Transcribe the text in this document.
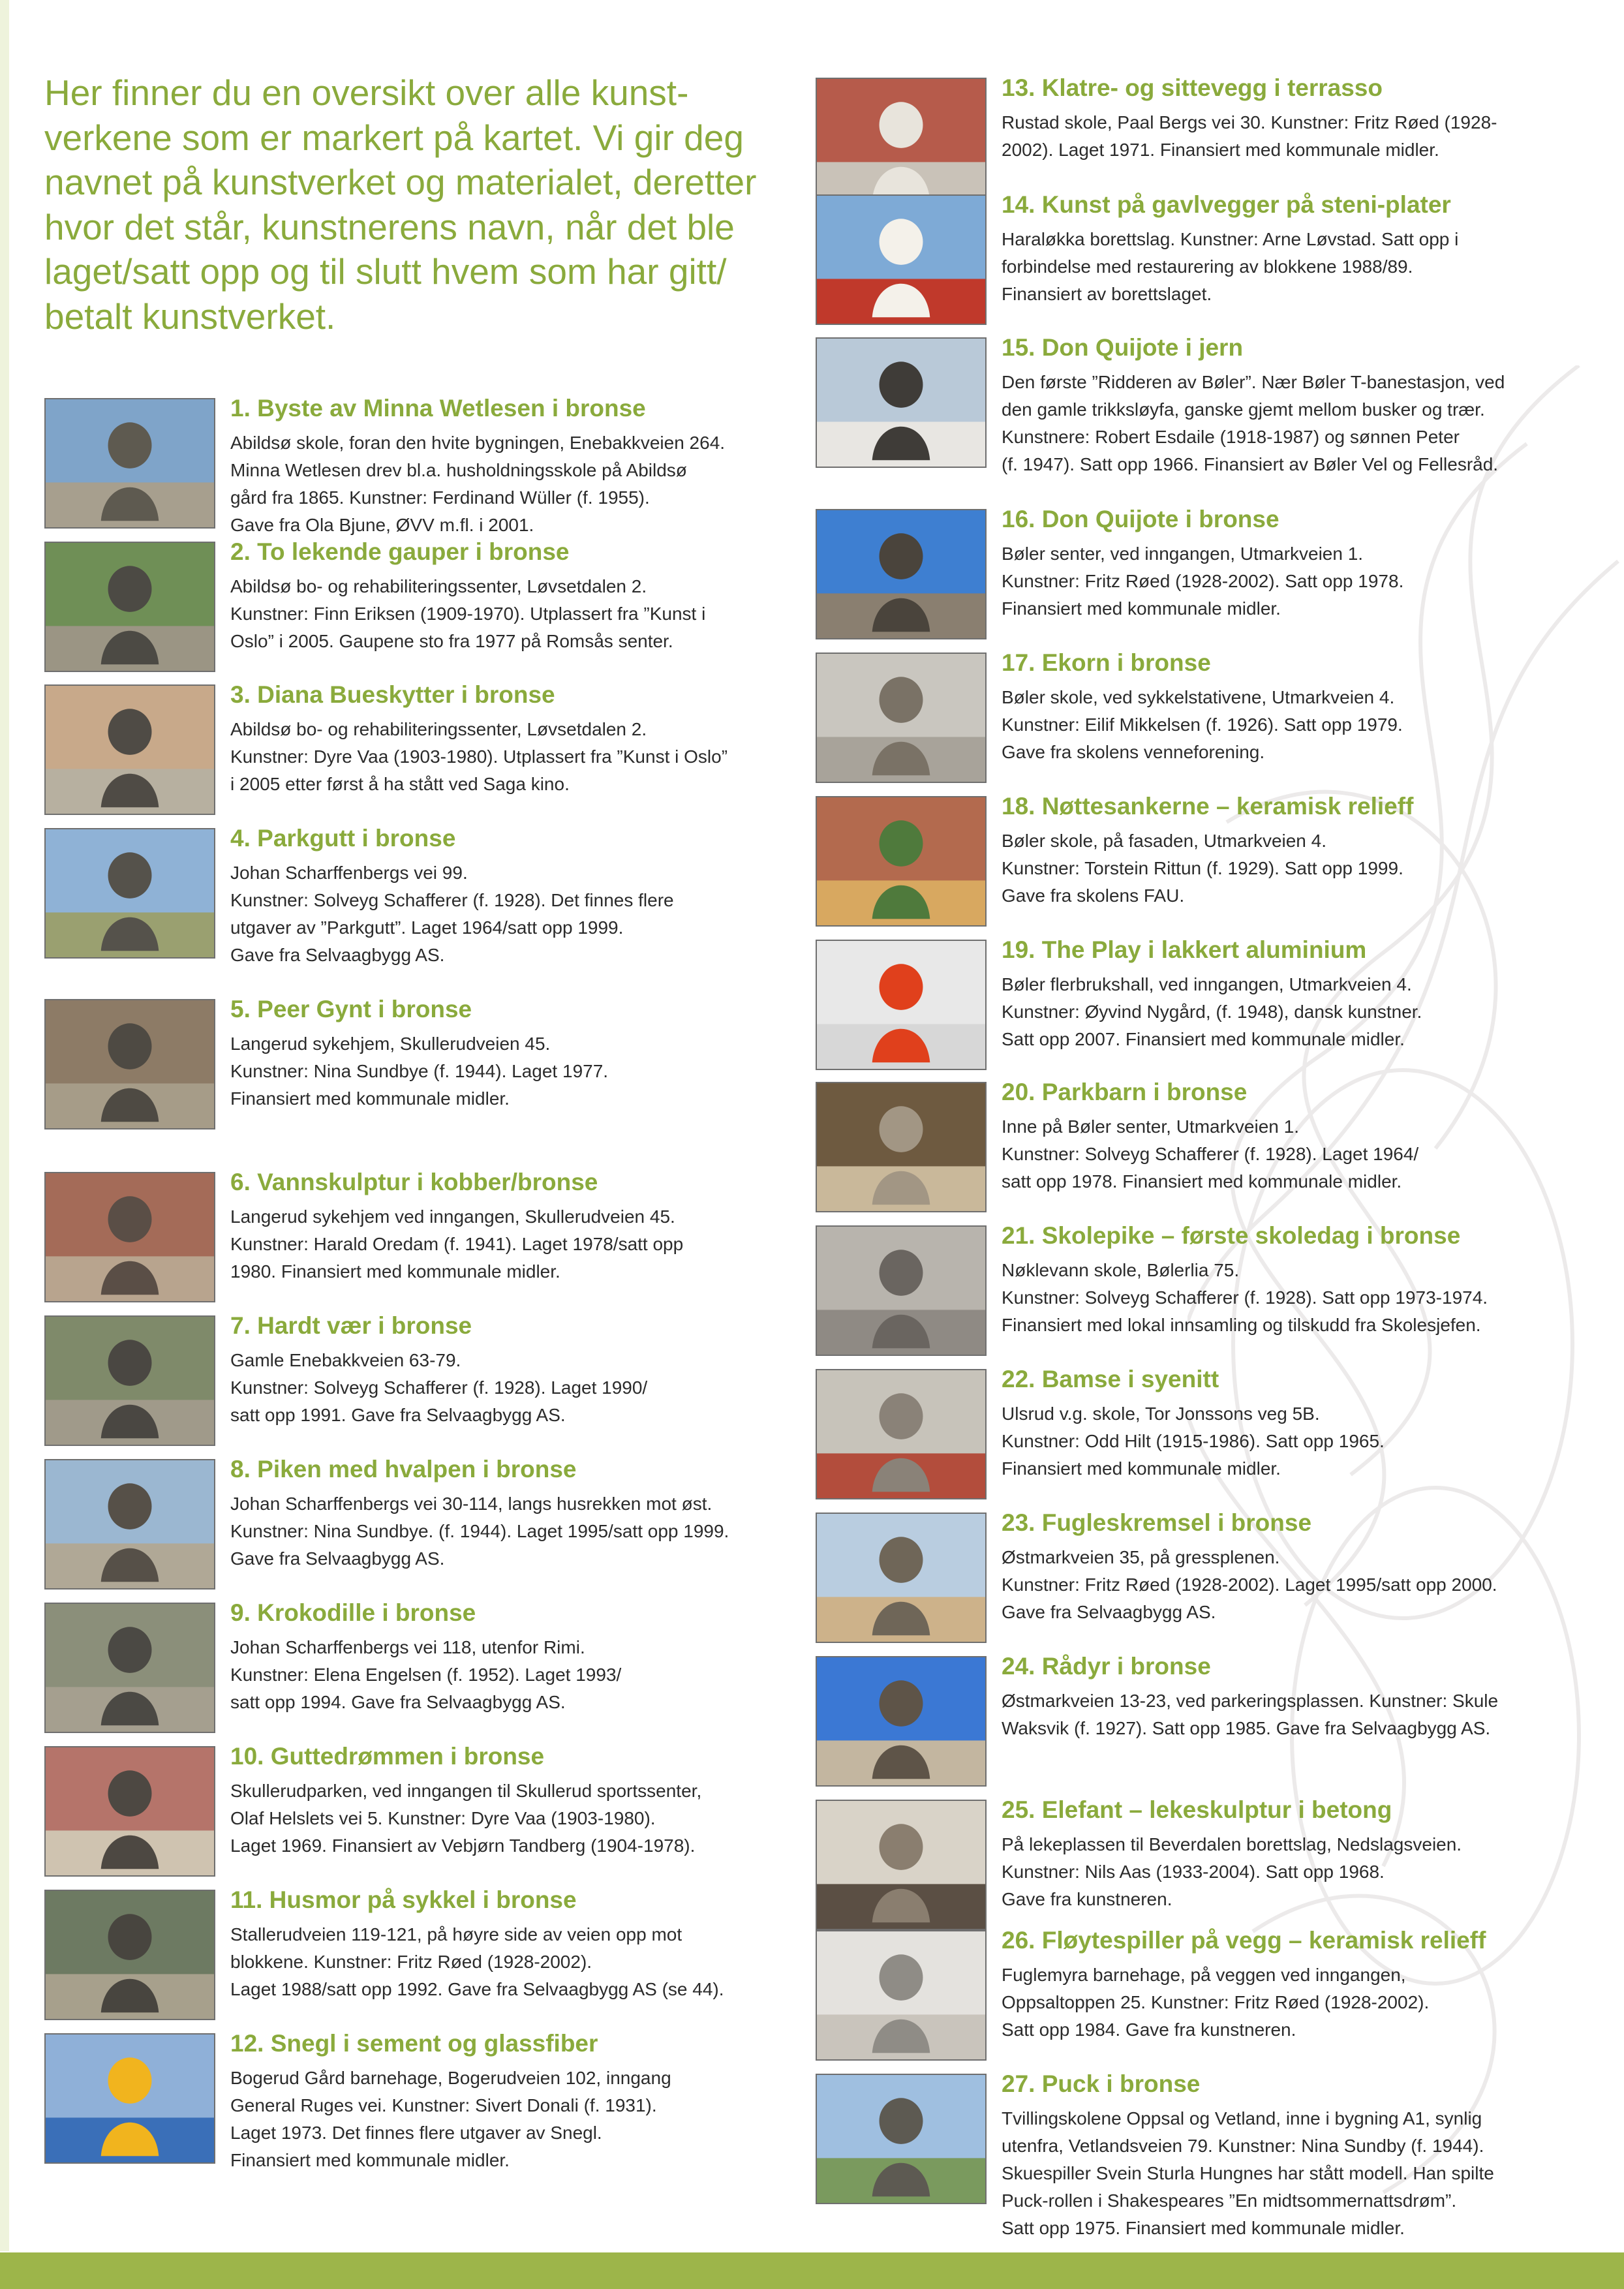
Her finner du en oversikt over alle kunst-
verkene som er markert på kartet. Vi gir deg
navnet på kunstverket og materialet, deretter
hvor det står, kunstnerens navn, når det ble
laget/satt opp og til slutt hvem som har gitt/
betalt kunstverket.
1. Byste av Minna Wetlesen i bronse
Abildsø skole, foran den hvite bygningen, Enebakkveien 264.
Minna Wetlesen drev bl.a. husholdningsskole på Abildsø
gård fra 1865. Kunstner: Ferdinand Wüller (f. 1955).
Gave fra Ola Bjune, ØVV m.fl. i 2001.
2. To lekende gauper i bronse
Abildsø bo- og rehabiliteringssenter, Løvsetdalen 2.
Kunstner: Finn Eriksen (1909-1970). Utplassert fra ”Kunst i
Oslo” i 2005. Gaupene sto fra 1977 på Romsås senter.
3. Diana Bueskytter i bronse
Abildsø bo- og rehabiliteringssenter, Løvsetdalen 2.
Kunstner: Dyre Vaa (1903-1980). Utplassert fra ”Kunst i Oslo”
i 2005 etter først å ha stått ved Saga kino.
4. Parkgutt i bronse
Johan Scharffenbergs vei 99.
Kunstner: Solveyg Schafferer (f. 1928). Det finnes flere
utgaver av ”Parkgutt”. Laget 1964/satt opp 1999.
Gave fra Selvaagbygg AS.
5. Peer Gynt i bronse
Langerud sykehjem, Skullerudveien 45.
Kunstner: Nina Sundbye (f. 1944). Laget 1977.
Finansiert med kommunale midler.
6. Vannskulptur i kobber/bronse
Langerud sykehjem ved inngangen, Skullerudveien 45.
Kunstner: Harald Oredam (f. 1941). Laget 1978/satt opp
1980. Finansiert med kommunale midler.
7. Hardt vær i bronse
Gamle Enebakkveien 63-79.
Kunstner: Solveyg Schafferer (f. 1928). Laget 1990/
satt opp 1991. Gave fra Selvaagbygg AS.
8. Piken med hvalpen i bronse
Johan Scharffenbergs vei 30-114, langs husrekken mot øst.
Kunstner: Nina Sundbye. (f. 1944). Laget 1995/satt opp 1999.
Gave fra Selvaagbygg AS.
9. Krokodille i bronse
Johan Scharffenbergs vei 118, utenfor Rimi.
Kunstner: Elena Engelsen (f. 1952). Laget 1993/
satt opp 1994. Gave fra Selvaagbygg AS.
10. Guttedrømmen i bronse
Skullerudparken, ved inngangen til Skullerud sportssenter,
Olaf Helslets vei 5. Kunstner: Dyre Vaa (1903-1980).
Laget 1969. Finansiert av Vebjørn Tandberg (1904-1978).
11. Husmor på sykkel i bronse
Stallerudveien 119-121, på høyre side av veien opp mot
blokkene. Kunstner: Fritz Røed (1928-2002).
Laget 1988/satt opp 1992. Gave fra Selvaagbygg AS (se 44).
12. Snegl i sement og glassfiber
Bogerud Gård barnehage, Bogerudveien 102, inngang
General Ruges vei. Kunstner: Sivert Donali (f. 1931).
Laget 1973. Det finnes flere utgaver av Snegl.
Finansiert med kommunale midler.
13. Klatre- og sittevegg i terrasso
Rustad skole, Paal Bergs vei 30. Kunstner: Fritz Røed (1928-
2002). Laget 1971. Finansiert med kommunale midler.
14. Kunst på gavlvegger på steni-plater
Haraløkka borettslag. Kunstner: Arne Løvstad. Satt opp i
forbindelse med restaurering av blokkene 1988/89.
Finansiert av borettslaget.
15. Don Quijote i jern
Den første ”Ridderen av Bøler”. Nær Bøler T-banestasjon, ved
den gamle trikksløyfa, ganske gjemt mellom busker og trær.
Kunstnere: Robert Esdaile (1918-1987) og sønnen Peter
(f. 1947). Satt opp 1966. Finansiert av Bøler Vel og Fellesråd.
16. Don Quijote i bronse
Bøler senter, ved inngangen, Utmarkveien 1.
Kunstner: Fritz Røed (1928-2002). Satt opp 1978.
Finansiert med kommunale midler.
17. Ekorn i bronse
Bøler skole, ved sykkelstativene, Utmarkveien 4.
Kunstner: Eilif Mikkelsen (f. 1926). Satt opp 1979.
Gave fra skolens venneforening.
18. Nøttesankerne – keramisk relieff
Bøler skole, på fasaden, Utmarkveien 4.
Kunstner: Torstein Rittun (f. 1929). Satt opp 1999.
Gave fra skolens FAU.
19. The Play i lakkert aluminium
Bøler flerbrukshall, ved inngangen, Utmarkveien 4.
Kunstner: Øyvind Nygård, (f. 1948), dansk kunstner.
Satt opp 2007. Finansiert med kommunale midler.
20. Parkbarn i bronse
Inne på Bøler senter, Utmarkveien 1.
Kunstner: Solveyg Schafferer (f. 1928). Laget 1964/
satt opp 1978. Finansiert med kommunale midler.
21. Skolepike – første skoledag i bronse
Nøklevann skole, Bølerlia 75.
Kunstner: Solveyg Schafferer (f. 1928). Satt opp 1973-1974.
Finansiert med lokal innsamling og tilskudd fra Skolesjefen.
22. Bamse i syenitt
Ulsrud v.g. skole, Tor Jonssons veg 5B.
Kunstner: Odd Hilt (1915-1986). Satt opp 1965.
Finansiert med kommunale midler.
23. Fugleskremsel i bronse
Østmarkveien 35, på gressplenen.
Kunstner: Fritz Røed (1928-2002). Laget 1995/satt opp 2000.
Gave fra Selvaagbygg AS.
24. Rådyr i bronse
Østmarkveien 13-23, ved parkeringsplassen. Kunstner: Skule
Waksvik (f. 1927). Satt opp 1985. Gave fra Selvaagbygg AS.
25. Elefant – lekeskulptur i betong
På lekeplassen til Beverdalen borettslag, Nedslagsveien.
Kunstner: Nils Aas (1933-2004). Satt opp 1968.
Gave fra kunstneren.
26. Fløytespiller på vegg – keramisk relieff
Fuglemyra barnehage, på veggen ved inngangen,
Oppsaltoppen 25. Kunstner: Fritz Røed (1928-2002).
Satt opp 1984. Gave fra kunstneren.
27. Puck i bronse
Tvillingskolene Oppsal og Vetland, inne i bygning A1, synlig
utenfra, Vetlandsveien 79. Kunstner: Nina Sundby (f. 1944).
Skuespiller Svein Sturla Hungnes har stått modell. Han spilte
Puck-rollen i Shakespeares ”En midtsommernattsdrøm”.
Satt opp 1975. Finansiert med kommunale midler.
